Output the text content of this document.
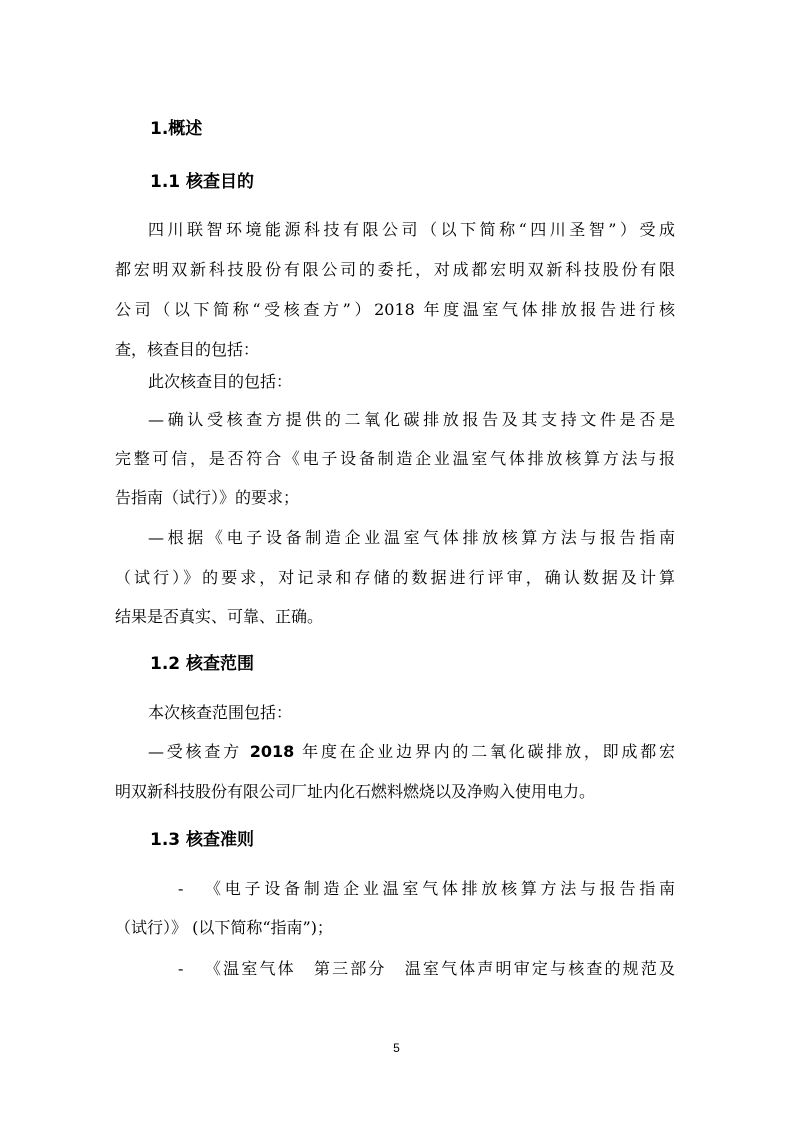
1.概述
1.1 核查目的
四川联智环境能源科技有限公司（以下简称“四川圣智”）受成
都宏明双新科技股份有限公司的委托，对成都宏明双新科技股份有限
公司（以下简称“受核查方”）2018 年度温室气体排放报告进行核
查，核查目的包括：
此次核查目的包括：
—确认受核查方提供的二氧化碳排放报告及其支持文件是否是
完整可信，是否符合《电子设备制造企业温室气体排放核算方法与报
告指南（试行）》的要求；
—根据《电子设备制造企业温室气体排放核算方法与报告指南
（试行）》的要求，对记录和存储的数据进行评审，确认数据及计算
结果是否真实、可靠、正确。
1.2 核查范围
本次核查范围包括：
—受核查方 2018 年度在企业边界内的二氧化碳排放，即成都宏
明双新科技股份有限公司厂址内化石燃料燃烧以及净购入使用电力。
1.3 核查准则
- 《电子设备制造企业温室气体排放核算方法与报告指南
（试行）》 (以下简称“指南”)；
- 《温室气体　第三部分　温室气体声明审定与核查的规范及
5
